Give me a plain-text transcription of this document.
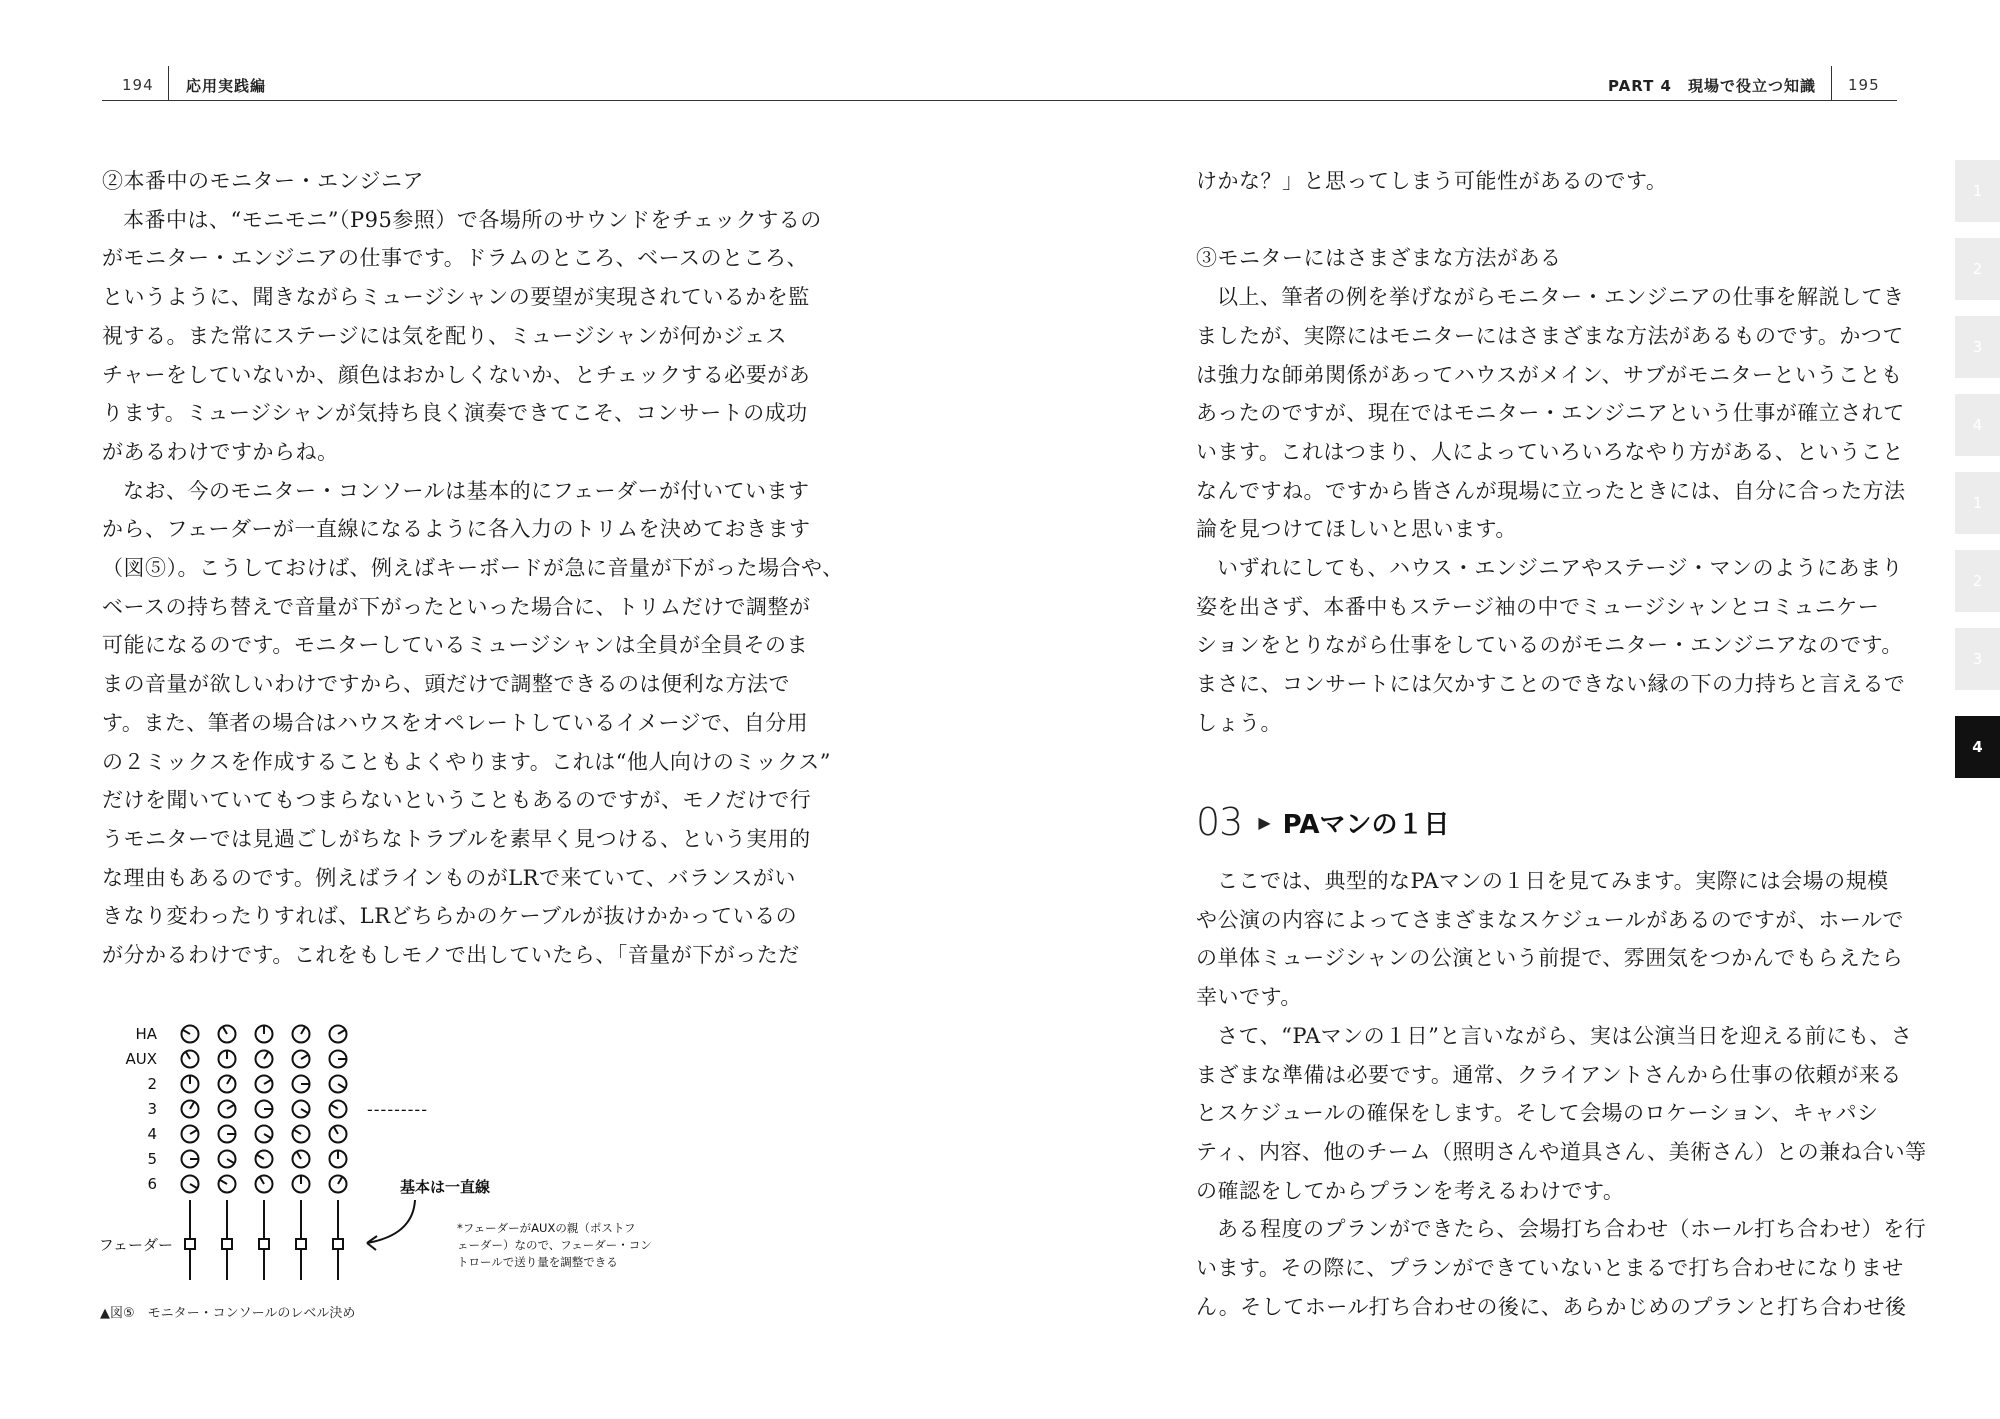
194 応用実践編	PART 4　現場で役立つ知識 195

②本番中のモニター・エンジニア

本番中は、“モニモニ”（P95参照）で各場所のサウンドをチェックするの

がモニター・エンジニアの仕事です。ドラムのところ、ベースのところ、

というように、聞きながらミュージシャンの要望が実現されているかを監

視する。また常にステージには気を配り、ミュージシャンが何かジェス

チャーをしていないか、顔色はおかしくないか、とチェックする必要があ

ります。ミュージシャンが気持ち良く演奏できてこそ、コンサートの成功

があるわけですからね。

なお、今のモニター・コンソールは基本的にフェーダーが付いています

から、フェーダーが一直線になるように各入力のトリムを決めておきます

（図⑤）。こうしておけば、例えばキーボードが急に音量が下がった場合や、

ベースの持ち替えで音量が下がったといった場合に、トリムだけで調整が

可能になるのです。モニターしているミュージシャンは全員が全員そのま

まの音量が欲しいわけですから、頭だけで調整できるのは便利な方法で

す。また、筆者の場合はハウスをオペレートしているイメージで、自分用

の２ミックスを作成することもよくやります。これは“他人向けのミックス”

だけを聞いていてもつまらないということもあるのですが、モノだけで行

うモニターでは見過ごしがちなトラブルを素早く見つける、という実用的

な理由もあるのです。例えばラインものがLRで来ていて、バランスがい

きなり変わったりすれば、LRどちらかのケーブルが抜けかかっているの

が分かるわけです。これをもしモノで出していたら、「音量が下がっただ

けかな？」と思ってしまう可能性があるのです。

③モニターにはさまざまな方法がある

以上、筆者の例を挙げながらモニター・エンジニアの仕事を解説してき

ましたが、実際にはモニターにはさまざまな方法があるものです。かつて

は強力な師弟関係があってハウスがメイン、サブがモニターということも

あったのですが、現在ではモニター・エンジニアという仕事が確立されて

います。これはつまり、人によっていろいろなやり方がある、ということ

なんですね。ですから皆さんが現場に立ったときには、自分に合った方法

論を見つけてほしいと思います。

いずれにしても、ハウス・エンジニアやステージ・マンのようにあまり

姿を出さず、本番中もステージ袖の中でミュージシャンとコミュニケー

ションをとりながら仕事をしているのがモニター・エンジニアなのです。

まさに、コンサートには欠かすことのできない縁の下の力持ちと言えるで

しょう。

03 ▶ PAマンの１日

ここでは、典型的なPAマンの１日を見てみます。実際には会場の規模

や公演の内容によってさまざまなスケジュールがあるのですが、ホールで

の単体ミュージシャンの公演という前提で、雰囲気をつかんでもらえたら

幸いです。

さて、“PAマンの１日”と言いながら、実は公演当日を迎える前にも、さ

まざまな準備は必要です。通常、クライアントさんから仕事の依頼が来る

とスケジュールの確保をします。そして会場のロケーション、キャパシ

ティ、内容、他のチーム（照明さんや道具さん、美術さん）との兼ね合い等

の確認をしてからプランを考えるわけです。

ある程度のプランができたら、会場打ち合わせ（ホール打ち合わせ）を行

います。その際に、プランができていないとまるで打ち合わせになりませ

ん。そしてホール打ち合わせの後に、あらかじめのプランと打ち合わせ後

HA
AUX
2
3
4
5
6
---------
フェーダー
基本は一直線
*フェーダーがAUXの親（ポストフ
ェーダー）なので、フェーダー・コン
トロールで送り量を調整できる
▲図⑤　モニター・コンソールのレベル決め
1
2
3
4
1
2
3
4
